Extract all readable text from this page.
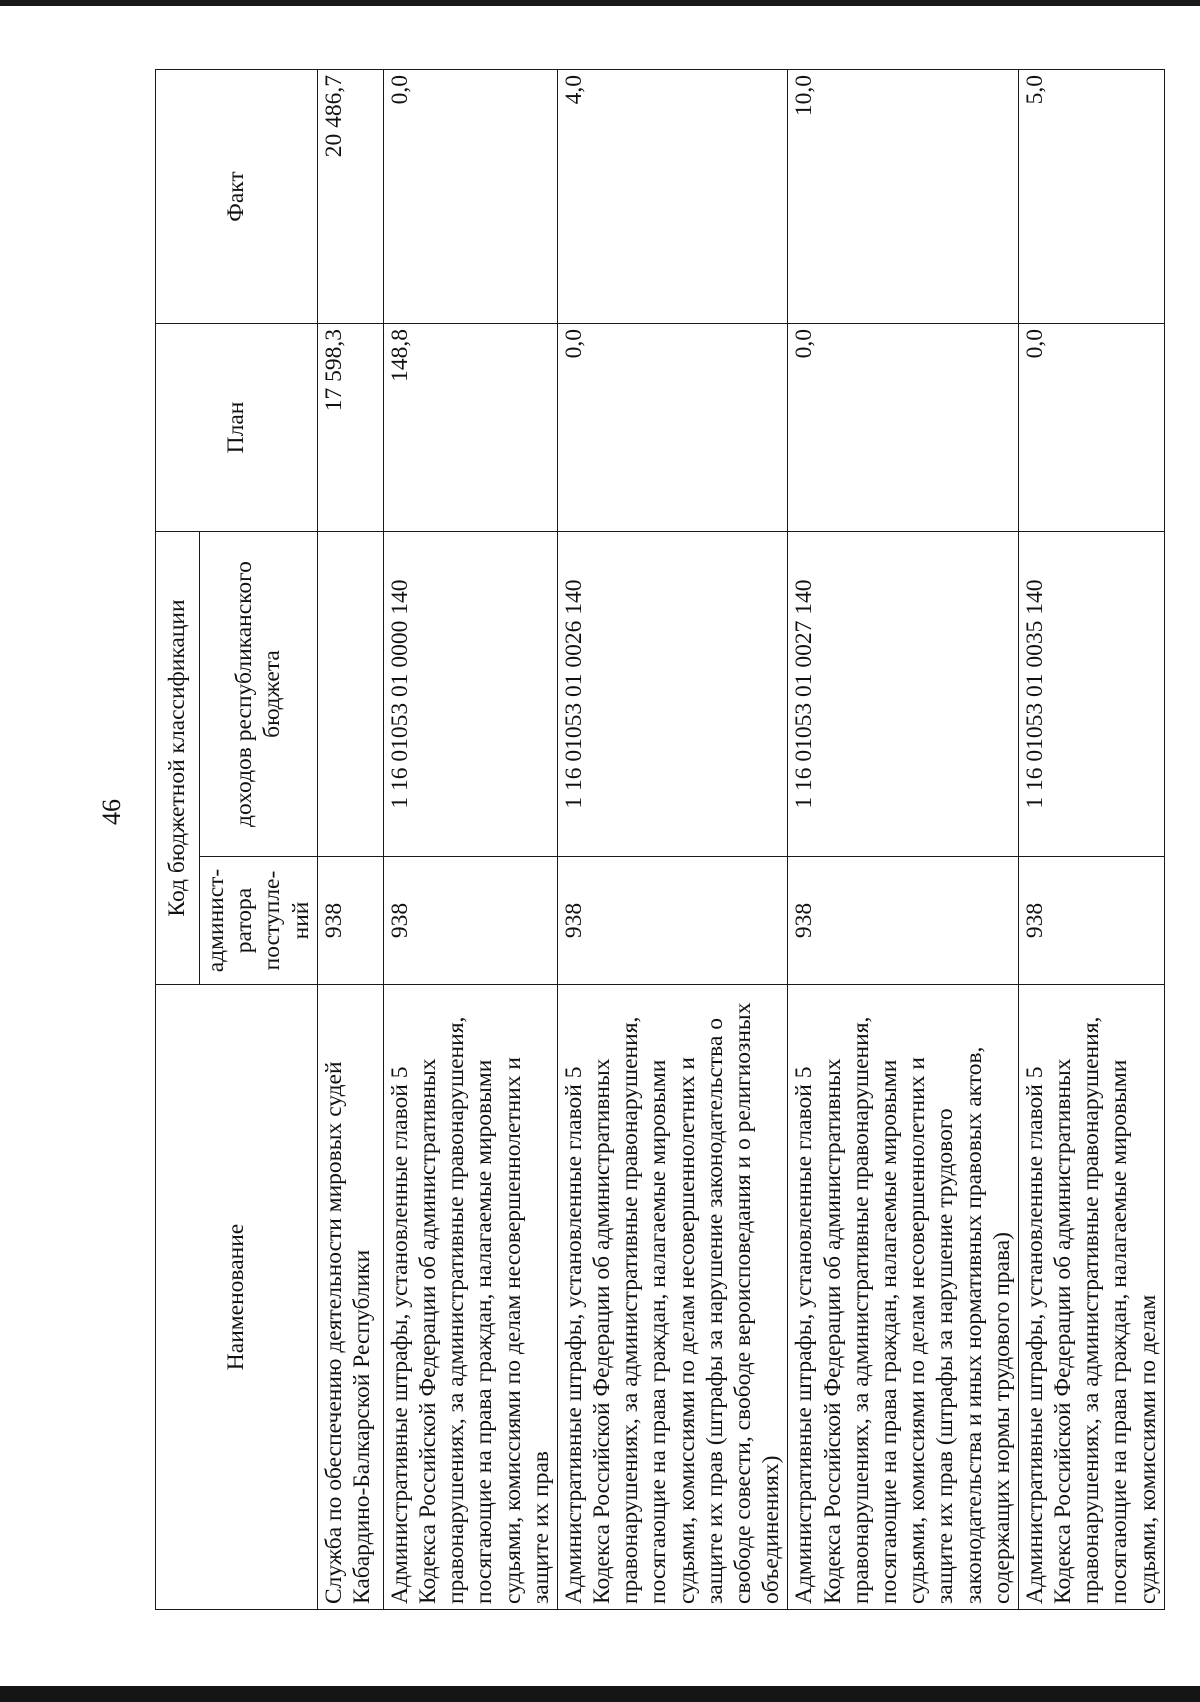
46
Наименование	Код бюджетной классификации		План	Факт
	админист-ратора поступле-ний	доходов республиканского бюджета		
Служба по обеспечению деятельности мировых судей Кабардино-Балкарской Республики	938		17 598,3	20 486,7
Административные штрафы, установленные главой 5 Кодекса Российской Федерации об административных правонарушениях, за административные правонарушения, посягающие на права граждан, налагаемые мировыми судьями, комиссиями по делам несовершеннолетних и защите их прав	938	1 16 01053 01 0000 140	148,8	0,0
Административные штрафы, установленные главой 5 Кодекса Российской Федерации об административных правонарушениях, за административные правонарушения, посягающие на права граждан, налагаемые мировыми судьями, комиссиями по делам несовершеннолетних и защите их прав (штрафы за нарушение законодательства о свободе совести, свободе вероисповедания и о религиозных объединениях)	938	1 16 01053 01 0026 140	0,0	4,0
Административные штрафы, установленные главой 5 Кодекса Российской Федерации об административных правонарушениях, за административные правонарушения, посягающие на права граждан, налагаемые мировыми судьями, комиссиями по делам несовершеннолетних и защите их прав (штрафы за нарушение трудового законодательства и иных нормативных правовых актов, содержащих нормы трудового права)	938	1 16 01053 01 0027 140	0,0	10,0
Административные штрафы, установленные главой 5 Кодекса Российской Федерации об административных правонарушениях, за административные правонарушения, посягающие на права граждан, налагаемые мировыми судьями, комиссиями по делам	938	1 16 01053 01 0035 140	0,0	5,0
